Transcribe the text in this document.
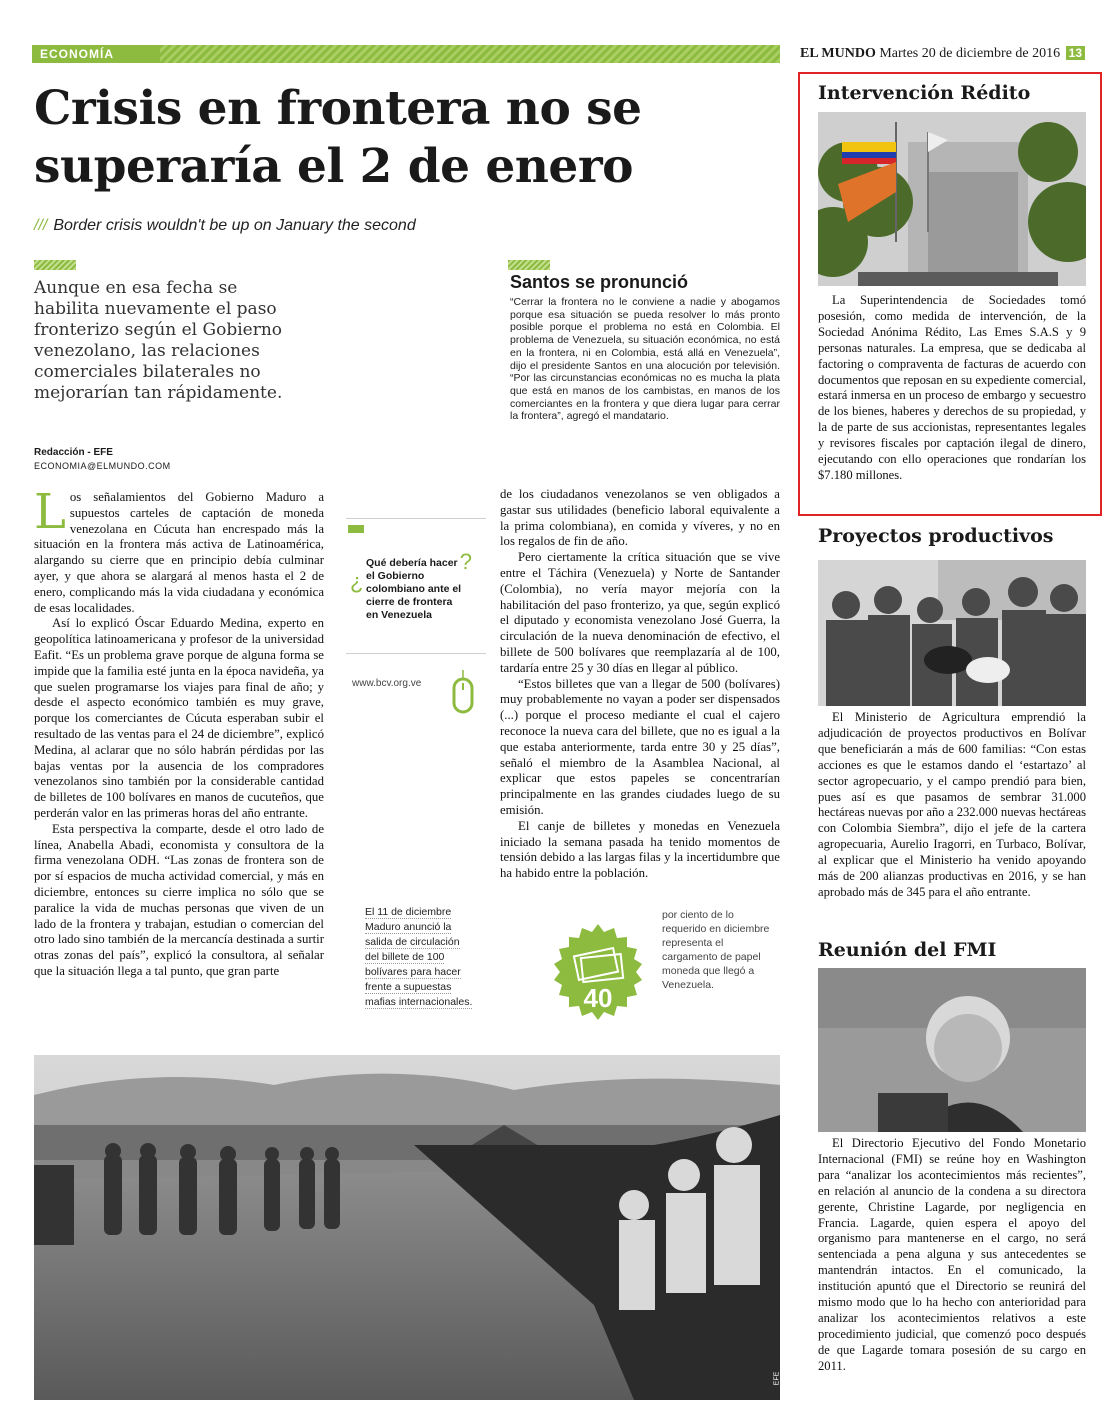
ECONOMÍA	EL MUNDO Martes 20 de diciembre de 2016 13
Crisis en frontera no se
superaría el 2 de enero
/// Border crisis wouldn't be up on January the second
Aunque en esa fecha se habilita nuevamente el paso fronterizo según el Gobierno venezolano, las relaciones comerciales bilaterales no mejorarían tan rápidamente.
Redacción - EFE
ECONOMIA@ELMUNDO.COM
Santos se pronunció
“Cerrar la frontera no le conviene a nadie y abogamos porque esa situación se pueda resolver lo más pronto posible porque el problema no está en Colombia. El problema de Venezuela, su situación económica, no está en la frontera, ni en Colombia, está allá en Venezuela”, dijo el presidente Santos en una alocución por televisión. “Por las circunstancias económicas no es mucha la plata que está en manos de los cambistas, en manos de los comerciantes en la frontera y que diera lugar para cerrar la frontera”, agregó el mandatario.

Los señalamientos del Gobierno Maduro a supuestos carteles de captación de moneda venezolana en Cúcuta han encrespado más la situación en la frontera más activa de Latinoamérica, alargando su cierre que en principio debía culminar ayer, y que ahora se alargará al menos hasta el 2 de enero, complicando más la vida ciudadana y económica de esas localidades.

Así lo explicó Óscar Eduardo Medina, experto en geopolítica latinoamericana y profesor de la universidad Eafit. “Es un problema grave porque de alguna forma se impide que la familia esté junta en la época navideña, ya que suelen programarse los viajes para final de año; y desde el aspecto económico también es muy grave, porque los comerciantes de Cúcuta esperaban subir el resultado de las ventas para el 24 de diciembre”, explicó Medina, al aclarar que no sólo habrán pérdidas por las bajas ventas por la ausencia de los compradores venezolanos sino también por la considerable cantidad de billetes de 100 bolívares en manos de cucuteños, que perderán valor en las primeras horas del año entrante.

Esta perspectiva la comparte, desde el otro lado de línea, Anabella Abadi, economista y consultora de la firma venezolana ODH. “Las zonas de frontera son de por sí espacios de mucha actividad comercial, y más en diciembre, entonces su cierre implica no sólo que se paralice la vida de muchas personas que viven de un lado de la frontera y trabajan, estudian o comercian del otro lado sino también de la mercancía destinada a surtir otras zonas del país”, explicó la consultora, al señalar que la situación llega a tal punto, que gran parte

¿
?
Qué debería hacer el Gobierno colombiano ante el cierre de frontera en Venezuela
www.bcv.org.ve

de los ciudadanos venezolanos se ven obligados a gastar sus utilidades (beneficio laboral equivalente a la prima colombiana), en comida y víveres, y no en los regalos de fin de año.

Pero ciertamente la crítica situación que se vive entre el Táchira (Venezuela) y Norte de Santander (Colombia), no vería mayor mejoría con la habilitación del paso fronterizo, ya que, según explicó el diputado y economista venezolano José Guerra, la circulación de la nueva denominación de efectivo, el billete de 500 bolívares que reemplazaría al de 100, tardaría entre 25 y 30 días en llegar al público.

“Estos billetes que van a llegar de 500 (bolívares) muy probablemente no vayan a poder ser dispensados (...) porque el proceso mediante el cual el cajero reconoce la nueva cara del billete, que no es igual a la que estaba anteriormente, tarda entre 30 y 25 días”, señaló el miembro de la Asamblea Nacional, al explicar que estos papeles se concentrarían principalmente en las grandes ciudades luego de su emisión.

El canje de billetes y monedas en Venezuela iniciado la semana pasada ha tenido momentos de tensión debido a las largas filas y la incertidumbre que ha habido entre la población.

El 11 de diciembre Maduro anunció la salida de circulación del billete de 100 bolívares para hacer frente a supuestas mafias internacionales.	40
por ciento de lo requerido en diciembre representa el cargamento de papel moneda que llegó a Venezuela.
EFE
Intervención Rédito

La Superintendencia de Sociedades tomó posesión, como medida de intervención, de la Sociedad Anónima Rédito, Las Emes S.A.S y 9 personas naturales. La empresa, que se dedicaba al factoring o compraventa de facturas de acuerdo con documentos que reposan en su expediente comercial, estará inmersa en un proceso de embargo y secuestro de los bienes, haberes y derechos de su propiedad, y la de parte de sus accionistas, representantes legales y revisores fiscales por captación ilegal de dinero, ejecutando con ello operaciones que rondarían los $7.180 millones.

Proyectos productivos

El Ministerio de Agricultura emprendió la adjudicación de proyectos productivos en Bolívar que beneficiarán a más de 600 familias: “Con estas acciones es que le estamos dando el ‘estartazo’ al sector agropecuario, y el campo prendió para bien, pues así es que pasamos de sembrar 31.000 hectáreas nuevas por año a 232.000 nuevas hectáreas con Colombia Siembra”, dijo el jefe de la cartera agropecuaria, Aurelio Iragorri, en Turbaco, Bolívar, al explicar que el Ministerio ha venido apoyando más de 200 alianzas productivas en 2016, y se han aprobado más de 345 para el año entrante.

Reunión del FMI

El Directorio Ejecutivo del Fondo Monetario Internacional (FMI) se reúne hoy en Washington para “analizar los acontecimientos más recientes”, en relación al anuncio de la condena a su directora gerente, Christine Lagarde, por negligencia en Francia. Lagarde, quien espera el apoyo del organismo para mantenerse en el cargo, no será sentenciada a pena alguna y sus antecedentes se mantendrán intactos. En el comunicado, la institución apuntó que el Directorio se reunirá del mismo modo que lo ha hecho con anterioridad para analizar los acontecimientos relativos a este procedimiento judicial, que comenzó poco después de que Lagarde tomara posesión de su cargo en 2011.
